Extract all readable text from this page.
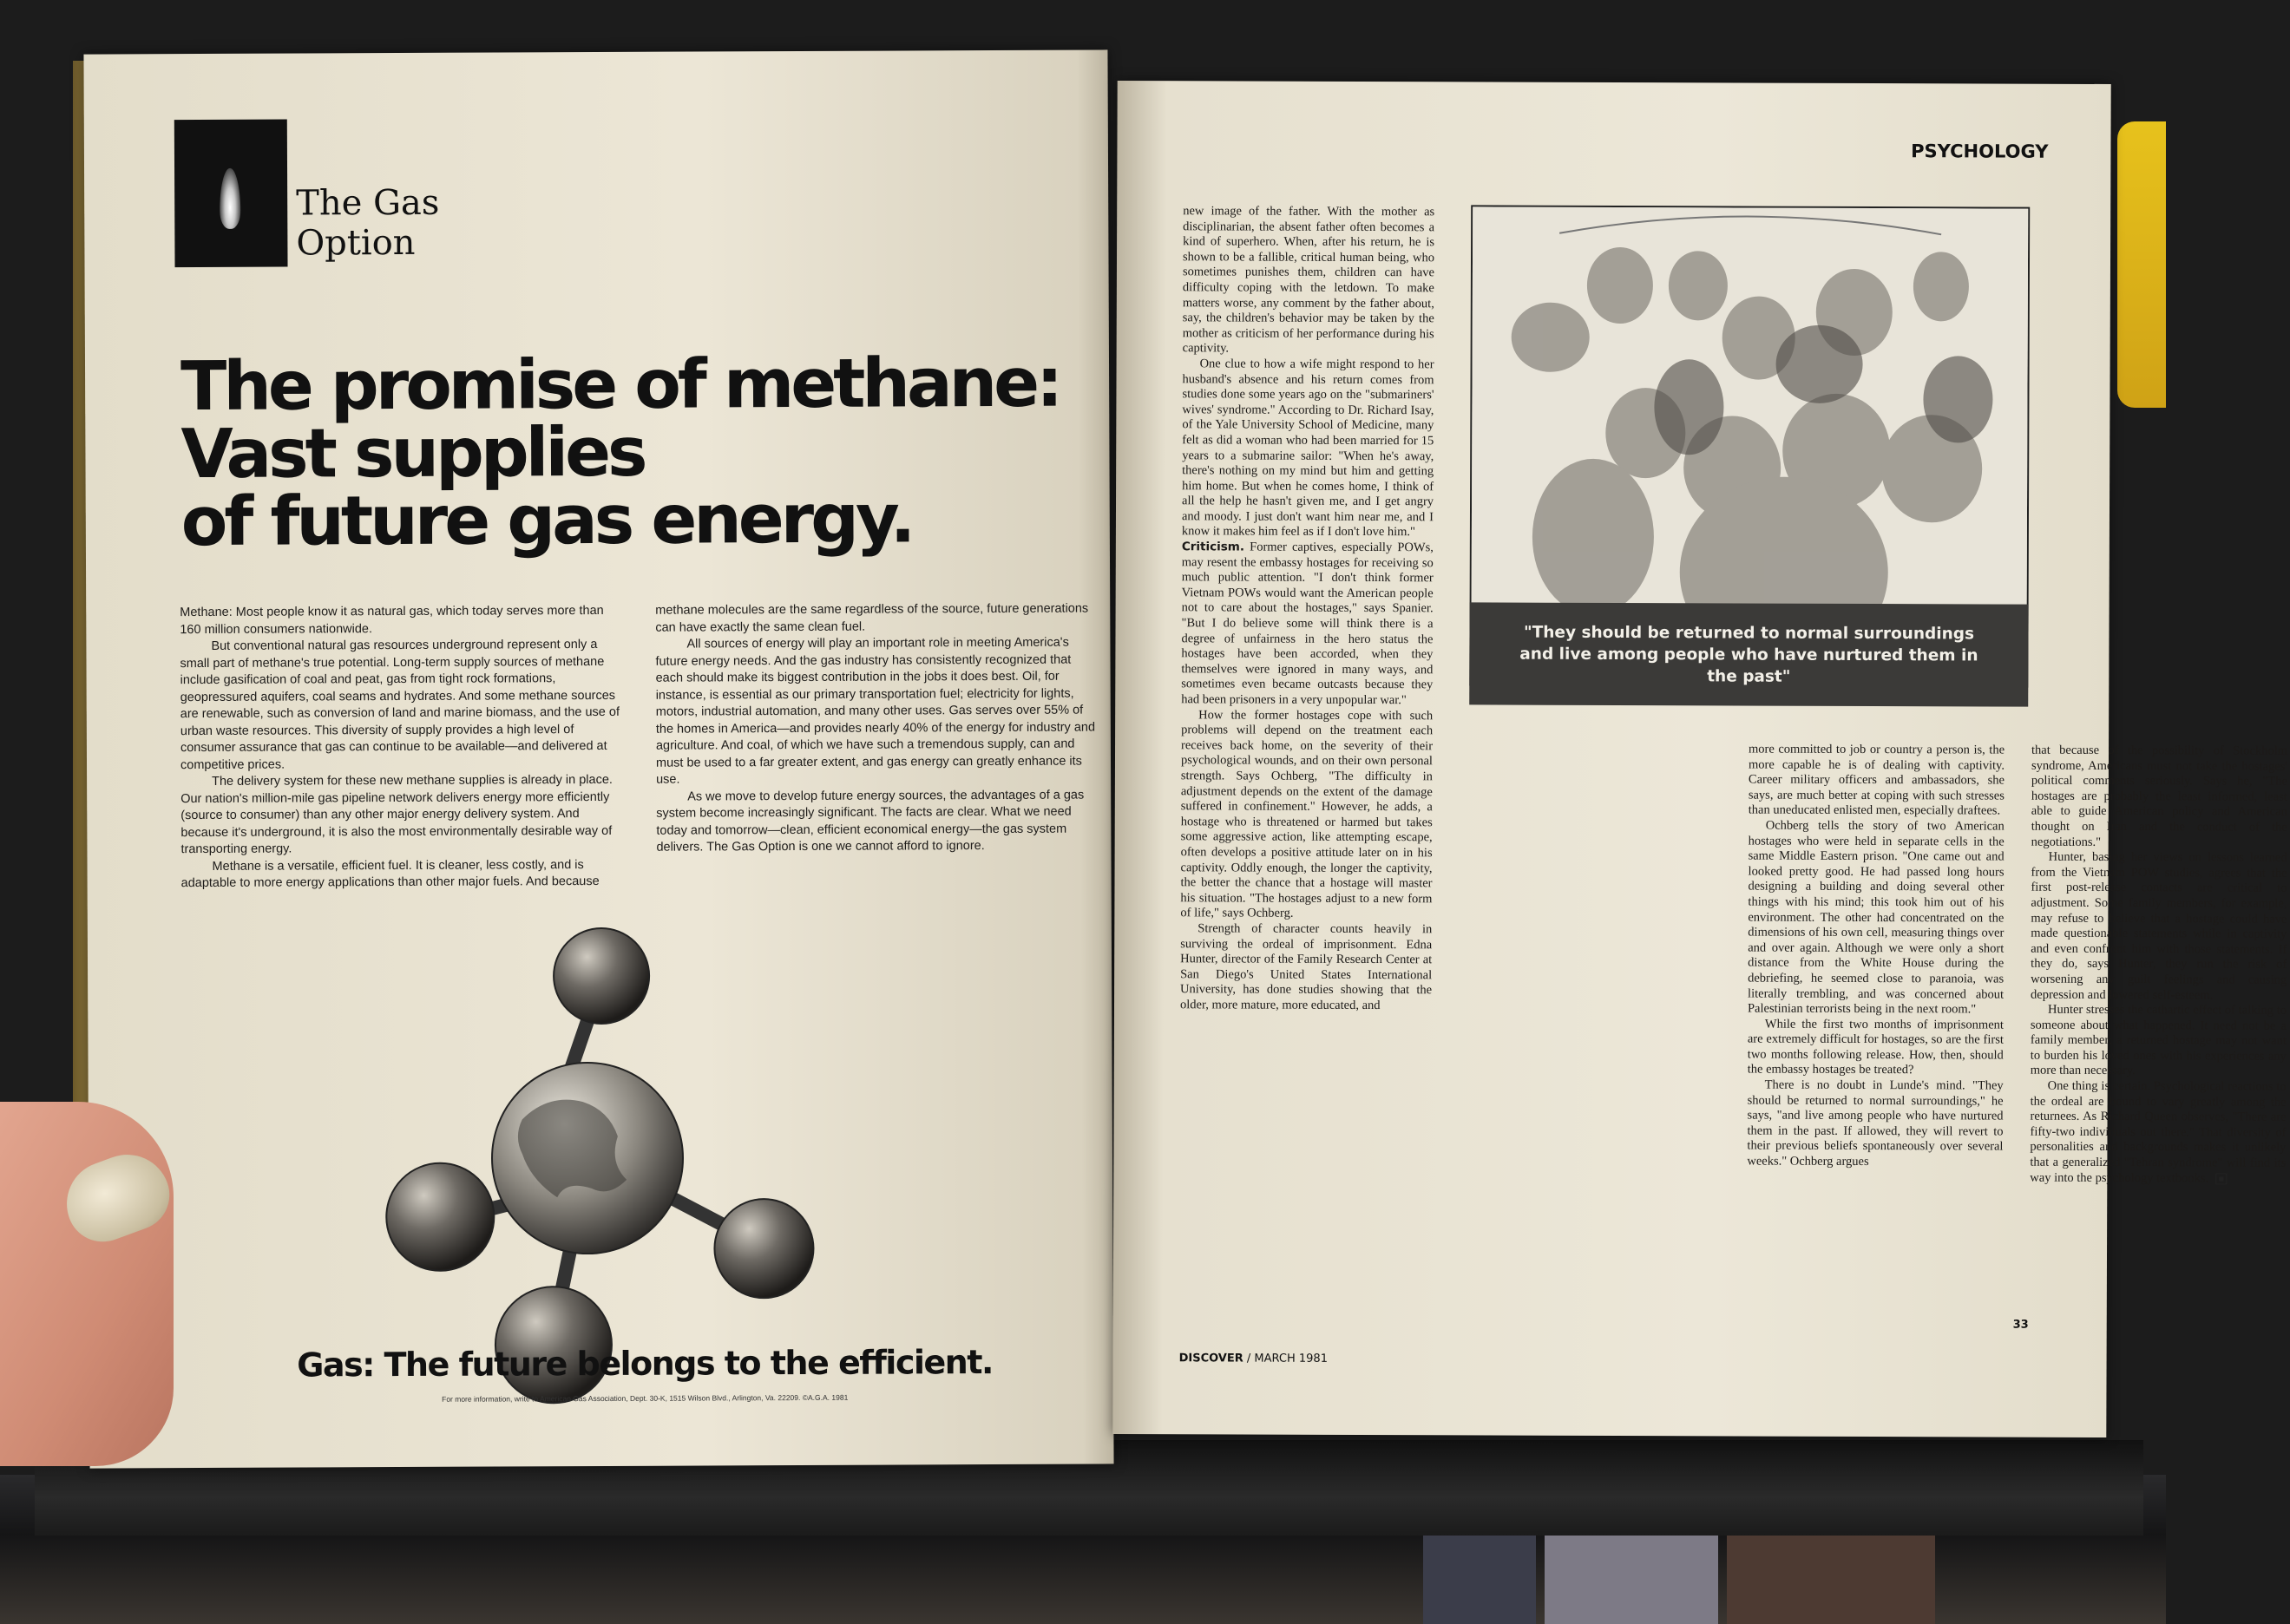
The Gas
Option
The promise of methane:
Vast supplies
of future gas energy.

Methane: Most people know it as natural gas, which today serves more than 160 million consumers nationwide.

But conventional natural gas resources underground represent only a small part of methane's true potential. Long-term supply sources of methane include gasification of coal and peat, gas from tight rock formations, geopressured aquifers, coal seams and hydrates. And some methane sources are renewable, such as conversion of land and marine biomass, and the use of urban waste resources. This diversity of supply provides a high level of consumer assurance that gas can continue to be available—and delivered at competitive prices.

The delivery system for these new methane supplies is already in place. Our nation's million-mile gas pipeline network delivers energy more efficiently (source to consumer) than any other major energy delivery system. And because it's underground, it is also the most environmentally desirable way of transporting energy.

Methane is a versatile, efficient fuel. It is cleaner, less costly, and is adaptable to more energy applications than other major fuels. And because methane molecules are the same regardless of the source, future generations can have exactly the same clean fuel.

All sources of energy will play an important role in meeting America's future energy needs. And the gas industry has consistently recognized that each should make its biggest contribution in the jobs it does best. Oil, for instance, is essential as our primary transportation fuel; electricity for lights, motors, industrial automation, and many other uses. Gas serves over 55% of the homes in America—and provides nearly 40% of the energy for industry and agriculture. And coal, of which we have such a tremendous supply, can and must be used to a far greater extent, and gas energy can greatly enhance its use.

As we move to develop future energy sources, the advantages of a gas system become increasingly significant. The facts are clear. What we need today and tomorrow—clean, efficient economical energy—the gas system delivers. The Gas Option is one we cannot afford to ignore.

Gas: The future belongs to the efficient.
For more information, write to American Gas Association, Dept. 30-K, 1515 Wilson Blvd., Arlington, Va. 22209. ©A.G.A. 1981
PSYCHOLOGY
"They should be returned to normal surroundings and live among people who have nurtured them in the past"

new image of the father. With the mother as disciplinarian, the absent father often becomes a kind of superhero. When, after his return, he is shown to be a fallible, critical human being, who sometimes punishes them, children can have difficulty coping with the letdown. To make matters worse, any comment by the father about, say, the children's behavior may be taken by the mother as criticism of her performance during his captivity.

One clue to how a wife might respond to her husband's absence and his return comes from studies done some years ago on the "submariners' wives' syndrome." According to Dr. Richard Isay, of the Yale University School of Medicine, many felt as did a woman who had been married for 15 years to a submarine sailor: "When he's away, there's nothing on my mind but him and getting him home. But when he comes home, I think of all the help he hasn't given me, and I get angry and moody. I just don't want him near me, and I know it makes him feel as if I don't love him."

Criticism. Former captives, especially POWs, may resent the embassy hostages for receiving so much public attention. "I don't think former Vietnam POWs would want the American people not to care about the hostages," says Spanier. "But I do believe some will think there is a degree of unfairness in the hero status the hostages have been accorded, when they themselves were ignored in many ways, and sometimes even became outcasts because they had been prisoners in a very unpopular war."

How the former hostages cope with such problems will depend on the treatment each receives back home, on the severity of their psychological wounds, and on their own personal strength. Says Ochberg, "The difficulty in adjustment depends on the extent of the damage suffered in confinement." However, he adds, a hostage who is threatened or harmed but takes some aggressive action, like attempting escape, often develops a positive attitude later on in his captivity. Oddly enough, the longer the captivity, the better the chance that a hostage will master his situation. "The hostages adjust to a new form of life," says Ochberg.

Strength of character counts heavily in surviving the ordeal of imprisonment. Edna Hunter, director of the Family Research Center at San Diego's United States International University, has done studies showing that the older, more mature, more educated, and

more committed to job or country a person is, the more capable he is of dealing with captivity. Career military officers and ambassadors, she says, are much better at coping with such stresses than uneducated enlisted men, especially draftees.

Ochberg tells the story of two American hostages who were held in separate cells in the same Middle Eastern prison. "One came out and looked pretty good. He had passed long hours designing a building and doing several other things with his mind; this took him out of his environment. The other had concentrated on the dimensions of his own cell, measuring things over and over again. Although we were only a short distance from the White House during the debriefing, he seemed close to paranoia, was literally trembling, and was concerned about Palestinian terrorists being in the next room."

While the first two months of imprisonment are extremely difficult for hostages, so are the first two months following release. How, then, should the embassy hostages be treated?

There is no doubt in Lunde's mind. "They should be returned to normal surroundings," he says, "and live among people who have nurtured them in the past. If allowed, they will revert to their previous beliefs spontaneously over several weeks." Ochberg argues

that because of the possibility of Stockholm syndrome, Americans must not take the hostages' political comments seriously. Says he, "The hostages are probably the least informed, least able to guide American policy and American thought on Iran and the conduct of the negotiations."

Hunter, basing her views on lessons learned from the Vietnam POW studies, agrees that the first post-release contacts are critical to adjustment. Some family members, for example, may refuse to believe that a hostage could have made questionable statements while in captivity and even confront him with those statements. If they do, says Hunter, they run the risk of worsening any guilt feelings and causing depression and lowered self-esteem.

Hunter stresses the cathartic effect of talking to someone about what happened. It need not be a family member; a returned hostage may not want to burden his loved ones with his experiences any more than necessary.

One thing is certain. Psychological reactions to the ordeal are bound to vary greatly among the returnees. As Richard Queen observes, "There are fifty-two individuals out there." That diversity of personalities and backgrounds makes it unlikely that a generalized "Tehran syndrome" will find its way into the psychology textbooks.

DISCOVER / MARCH 1981
33
